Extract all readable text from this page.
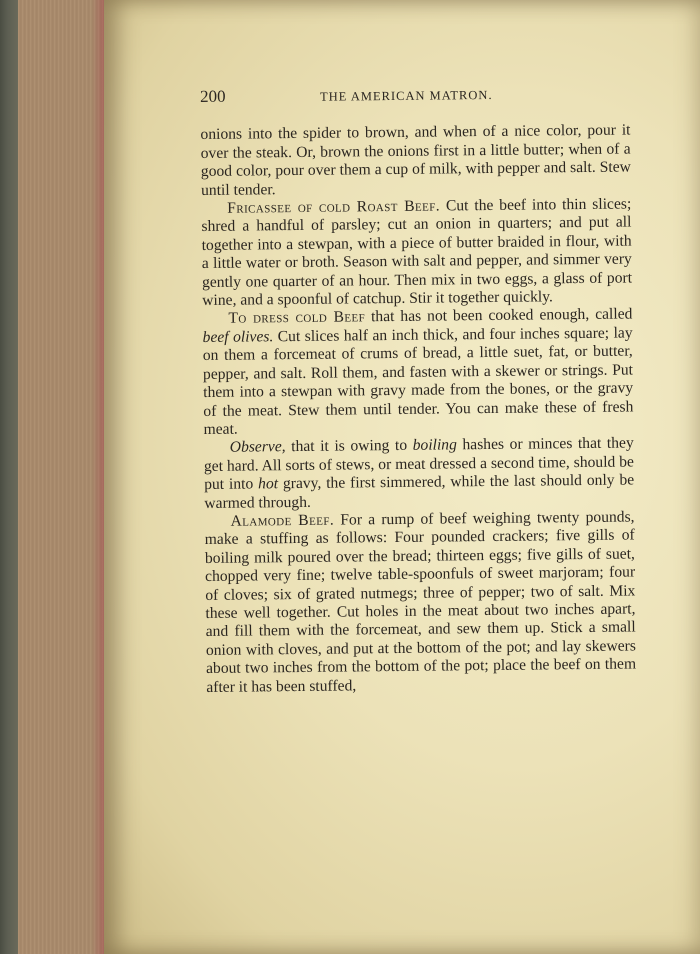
200	THE AMERICAN MATRON.

onions into the spider to brown, and when of a nice color, pour it over the steak. Or, brown the onions first in a little butter; when of a good color, pour over them a cup of milk, with pepper and salt. Stew until tender.

Fricassee of cold Roast Beef. Cut the beef into thin slices; shred a handful of parsley; cut an onion in quarters; and put all together into a stewpan, with a piece of butter braided in flour, with a little water or broth. Season with salt and pepper, and simmer very gently one quarter of an hour. Then mix in two eggs, a glass of port wine, and a spoonful of catchup. Stir it together quickly.

To dress cold Beef that has not been cooked enough, called beef olives. Cut slices half an inch thick, and four inches square; lay on them a forcemeat of crums of bread, a little suet, fat, or butter, pepper, and salt. Roll them, and fasten with a skewer or strings. Put them into a stewpan with gravy made from the bones, or the gravy of the meat. Stew them until tender. You can make these of fresh meat.

Observe, that it is owing to boiling hashes or minces that they get hard. All sorts of stews, or meat dressed a second time, should be put into hot gravy, the first simmered, while the last should only be warmed through.

Alamode Beef. For a rump of beef weighing twenty pounds, make a stuffing as follows: Four pounded crackers; five gills of boiling milk poured over the bread; thirteen eggs; five gills of suet, chopped very fine; twelve table-spoonfuls of sweet marjoram; four of cloves; six of grated nutmegs; three of pepper; two of salt. Mix these well together. Cut holes in the meat about two inches apart, and fill them with the forcemeat, and sew them up. Stick a small onion with cloves, and put at the bottom of the pot; and lay skewers about two inches from the bottom of the pot; place the beef on them after it has been stuffed,
